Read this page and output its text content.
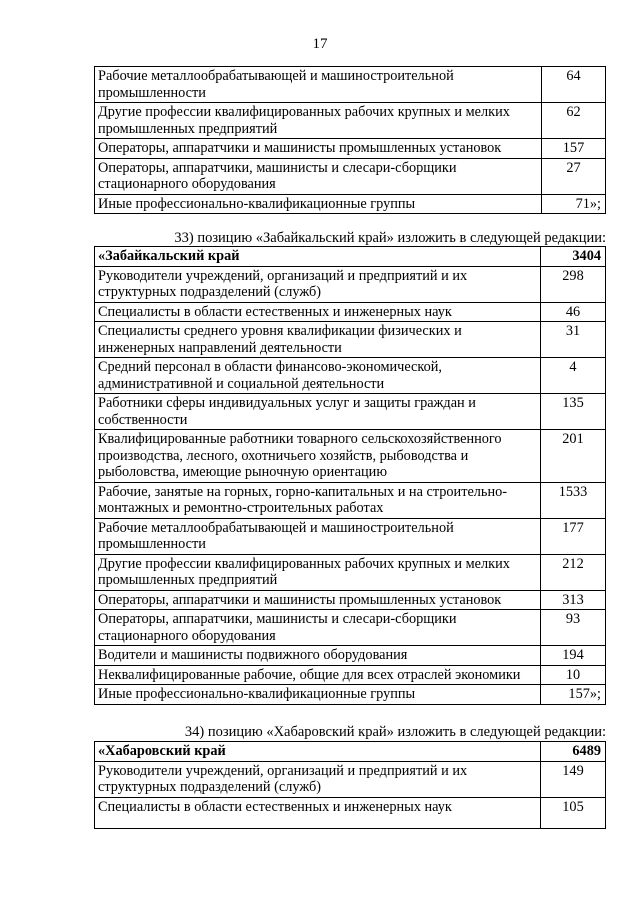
17
Рабочие металлообрабатывающей и машиностроительной промышленности	64
Другие профессии квалифицированных рабочих крупных и мелких промышленных предприятий	62
Операторы, аппаратчики и машинисты промышленных установок	157
Операторы, аппаратчики, машинисты и слесари-сборщики стационарного оборудования	27
Иные профессионально-квалификационные группы	71»;
33) позицию «Забайкальский край» изложить в следующей редакции:
«Забайкальский край	3404
Руководители учреждений, организаций и предприятий и их структурных подразделений (служб)	298
Специалисты в области естественных и инженерных наук	46
Специалисты среднего уровня квалификации физических и инженерных направлений деятельности	31
Средний персонал в области финансово-экономической, административной и социальной деятельности	4
Работники сферы индивидуальных услуг и защиты граждан и собственности	135
Квалифицированные работники товарного сельскохозяйственного производства, лесного, охотничьего хозяйств, рыбоводства и рыболовства, имеющие рыночную ориентацию	201
Рабочие, занятые на горных, горно-капитальных и на строительно-монтажных и ремонтно-строительных работах	1533
Рабочие металлообрабатывающей и машиностроительной промышленности	177
Другие профессии квалифицированных рабочих крупных и мелких промышленных предприятий	212
Операторы, аппаратчики и машинисты промышленных установок	313
Операторы, аппаратчики, машинисты и слесари-сборщики стационарного оборудования	93
Водители и машинисты подвижного оборудования	194
Неквалифицированные рабочие, общие для всех отраслей экономики	10
Иные профессионально-квалификационные группы	157»;
34) позицию «Хабаровский край» изложить в следующей редакции:
«Хабаровский край	6489
Руководители учреждений, организаций и предприятий и их структурных подразделений (служб)	149
Специалисты в области естественных и инженерных наук	105
